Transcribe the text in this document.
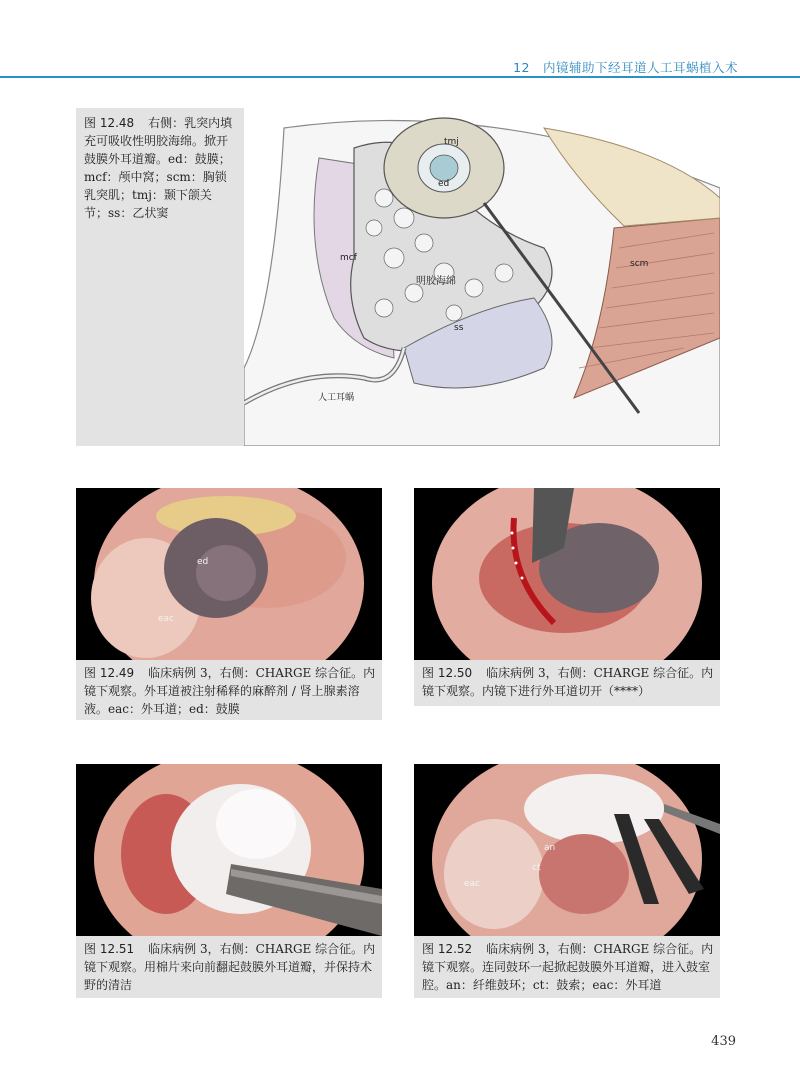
12　内镜辅助下经耳道人工耳蜗植入术
图 12.48 右侧：乳突内填充可吸收性明胶海绵。掀开鼓膜外耳道瓣。ed：鼓膜；mcf：颅中窝；scm：胸锁乳突肌；tmj：颞下颌关节；ss：乙状窦
tmj
ed
mcf
明胶海绵
scm
ss
人工耳蜗
ed
eac
图 12.49 临床病例 3，右侧：CHARGE 综合征。内镜下观察。外耳道被注射稀释的麻醉剂 / 肾上腺素溶液。eac：外耳道；ed：鼓膜
图 12.50 临床病例 3，右侧：CHARGE 综合征。内镜下观察。内镜下进行外耳道切开（****）
图 12.51 临床病例 3，右侧：CHARGE 综合征。内镜下观察。用棉片来向前翻起鼓膜外耳道瓣，并保持术野的清洁
an
ct
eac
图 12.52 临床病例 3，右侧：CHARGE 综合征。内镜下观察。连同鼓环一起掀起鼓膜外耳道瓣，进入鼓室腔。an：纤维鼓环；ct：鼓索；eac：外耳道
439
